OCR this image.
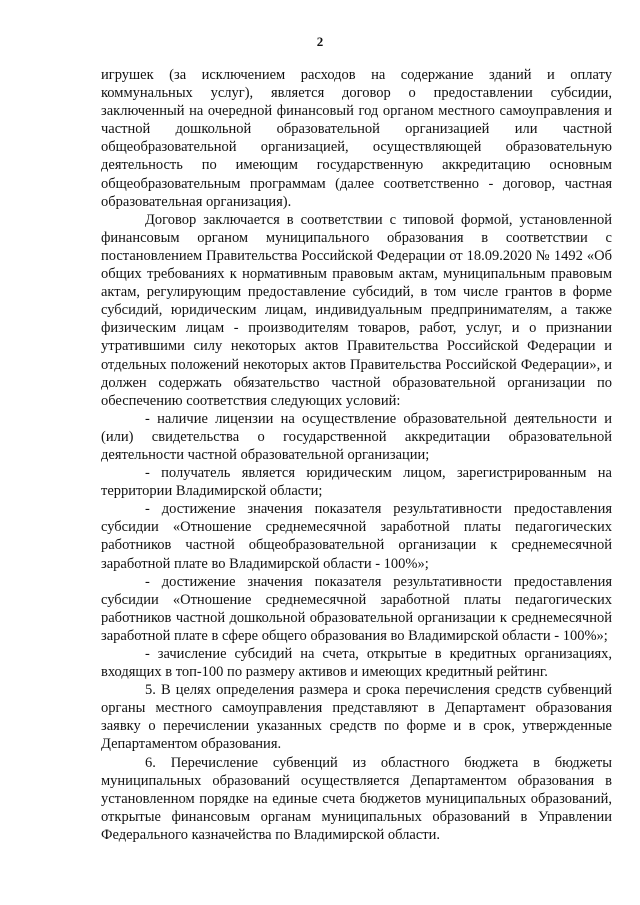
2

игрушек (за исключением расходов на содержание зданий и оплату коммунальных услуг), является договор о предоставлении субсидии, заключенный на очередной финансовый год органом местного самоуправления и частной дошкольной образовательной организацией или частной общеобразовательной организацией, осуществляющей образовательную деятельность по имеющим государственную аккредитацию основным общеобразовательным программам (далее соответственно - договор, частная образовательная организация).

Договор заключается в соответствии с типовой формой, установленной финансовым органом муниципального образования в соответствии с постановлением Правительства Российской Федерации от 18.09.2020 № 1492 «Об общих требованиях к нормативным правовым актам, муниципальным правовым актам, регулирующим предоставление субсидий, в том числе грантов в форме субсидий, юридическим лицам, индивидуальным предпринимателям, а также физическим лицам - производителям товаров, работ, услуг, и о признании утратившими силу некоторых актов Правительства Российской Федерации и отдельных положений некоторых актов Правительства Российской Федерации», и должен содержать обязательство частной образовательной организации по обеспечению соответствия следующих условий:

- наличие лицензии на осуществление образовательной деятельности и (или) свидетельства о государственной аккредитации образовательной деятельности частной образовательной организации;

- получатель является юридическим лицом, зарегистрированным на территории Владимирской области;

- достижение значения показателя результативности предоставления субсидии «Отношение среднемесячной заработной платы педагогических работников частной общеобразовательной организации к среднемесячной заработной плате во Владимирской области - 100%»;

- достижение значения показателя результативности предоставления субсидии «Отношение среднемесячной заработной платы педагогических работников частной дошкольной образовательной организации к среднемесячной заработной плате в сфере общего образования во Владимирской области - 100%»;

- зачисление субсидий на счета, открытые в кредитных организациях, входящих в топ-100 по размеру активов и имеющих кредитный рейтинг.

5. В целях определения размера и срока перечисления средств субвенций органы местного самоуправления представляют в Департамент образования заявку о перечислении указанных средств по форме и в срок, утвержденные Департаментом образования.

6. Перечисление субвенций из областного бюджета в бюджеты муниципальных образований осуществляется Департаментом образования в установленном порядке на единые счета бюджетов муниципальных образований, открытые финансовым органам муниципальных образований в Управлении Федерального казначейства по Владимирской области.
